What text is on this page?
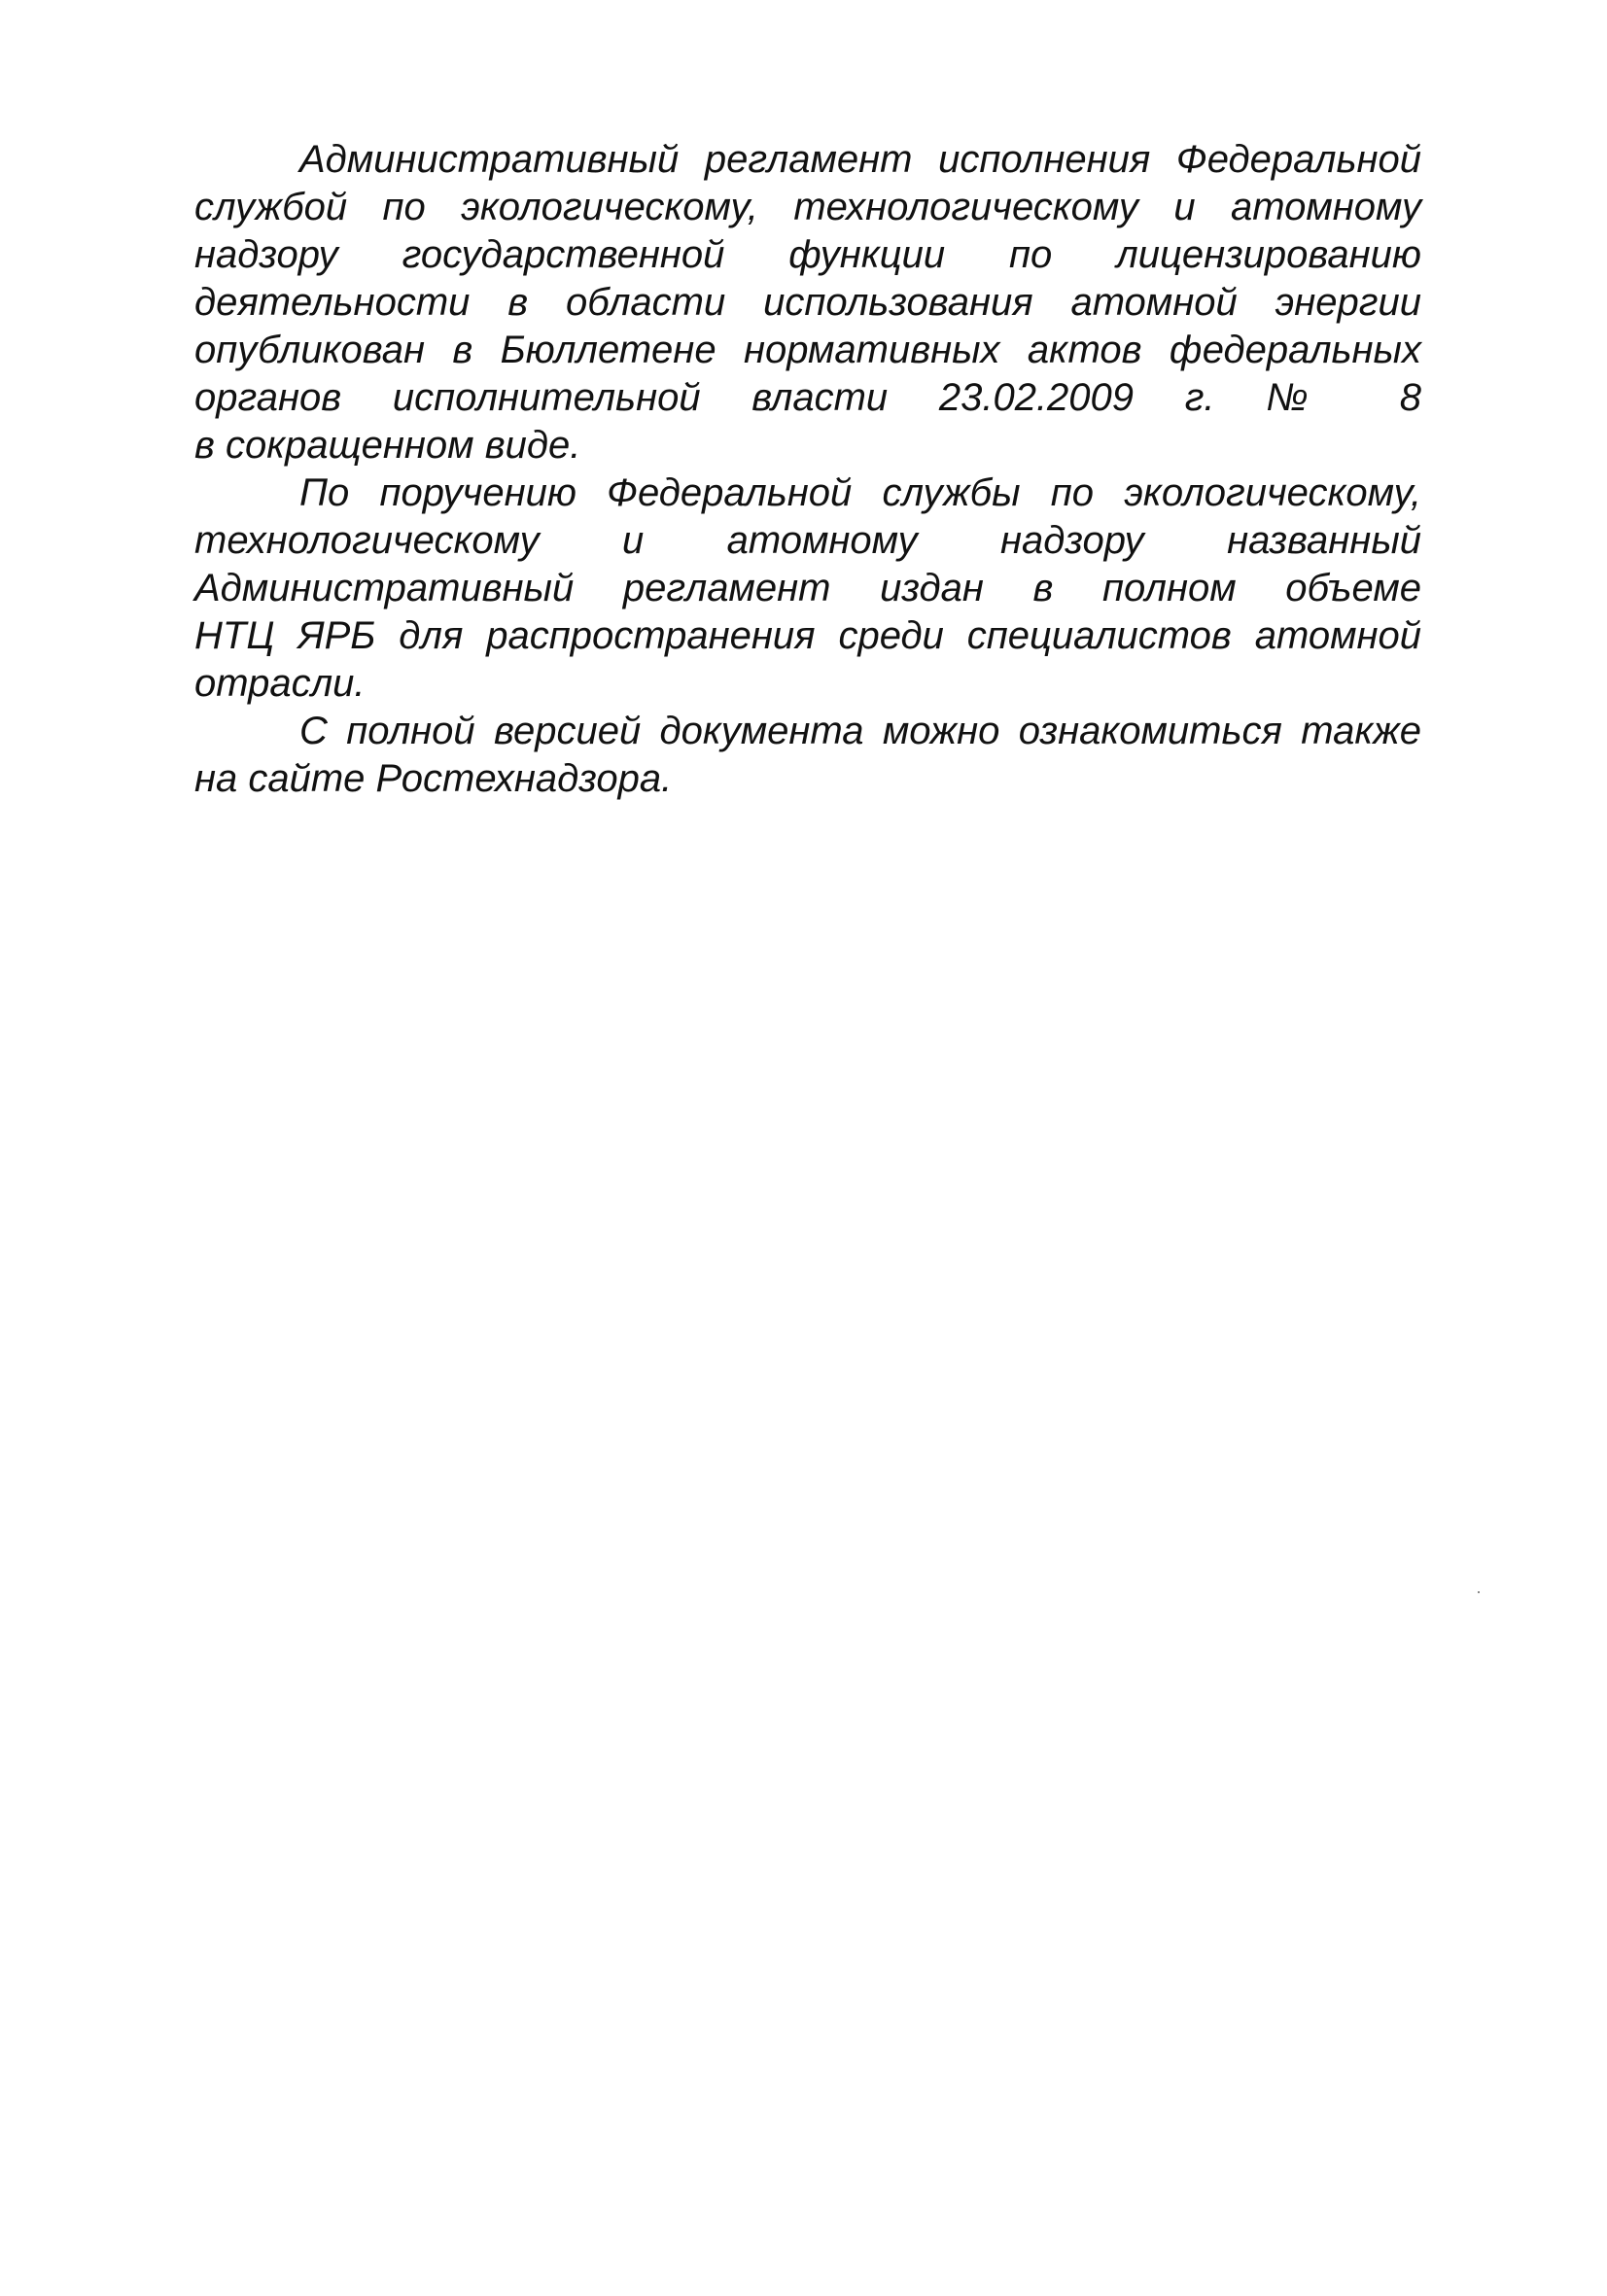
Административный регламент исполнения Федеральной
службой по экологическому, технологическому и атомному
надзору государственной функции по лицензированию
деятельности в области использования атомной энергии
опубликован в Бюллетене нормативных актов федеральных
органов исполнительной власти 23.02.2009 г. № 8
в сокращенном виде.

По поручению Федеральной службы по экологическому,
технологическому и атомному надзору названный
Административный регламент издан в полном объеме
НТЦ ЯРБ для распространения среди специалистов атомной
отрасли.

С полной версией документа можно ознакомиться также
на сайте Ростехнадзора.
